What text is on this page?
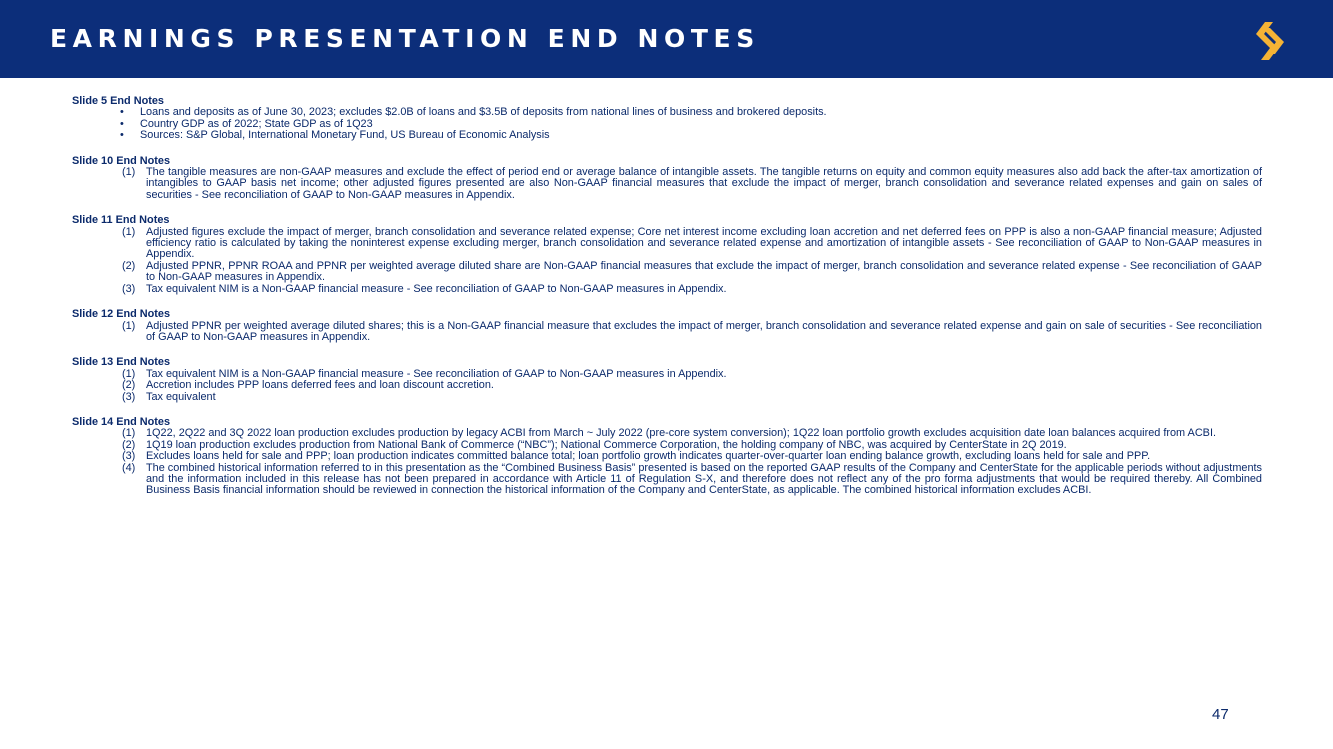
EARNINGS PRESENTATION END NOTES
Slide 5 End Notes
• Loans and deposits as of June 30, 2023; excludes $2.0B of loans and $3.5B of deposits from national lines of business and brokered deposits.
• Country GDP as of 2022; State GDP as of 1Q23
• Sources: S&P Global, International Monetary Fund, US Bureau of Economic Analysis
Slide 10 End Notes
(1) The tangible measures are non-GAAP measures and exclude the effect of period end or average balance of intangible assets. The tangible returns on equity and common equity measures also add back the after-tax amortization of intangibles to GAAP basis net income; other adjusted figures presented are also Non-GAAP financial measures that exclude the impact of merger, branch consolidation and severance related expenses and gain on sales of securities - See reconciliation of GAAP to Non-GAAP measures in Appendix.
Slide 11 End Notes
(1) Adjusted figures exclude the impact of merger, branch consolidation and severance related expense; Core net interest income excluding loan accretion and net deferred fees on PPP is also a non-GAAP financial measure; Adjusted efficiency ratio is calculated by taking the noninterest expense excluding merger, branch consolidation and severance related expense and amortization of intangible assets - See reconciliation of GAAP to Non-GAAP measures in Appendix.
(2) Adjusted PPNR, PPNR ROAA and PPNR per weighted average diluted share are Non-GAAP financial measures that exclude the impact of merger, branch consolidation and severance related expense - See reconciliation of GAAP to Non-GAAP measures in Appendix.
(3) Tax equivalent NIM is a Non-GAAP financial measure - See reconciliation of GAAP to Non-GAAP measures in Appendix.
Slide 12 End Notes
(1) Adjusted PPNR per weighted average diluted shares; this is a Non-GAAP financial measure that excludes the impact of merger, branch consolidation and severance related expense and gain on sale of securities - See reconciliation of GAAP to Non-GAAP measures in Appendix.
Slide 13 End Notes
(1) Tax equivalent NIM is a Non-GAAP financial measure - See reconciliation of GAAP to Non-GAAP measures in Appendix.
(2) Accretion includes PPP loans deferred fees and loan discount accretion.
(3) Tax equivalent
Slide 14 End Notes
(1) 1Q22, 2Q22 and 3Q 2022 loan production excludes production by legacy ACBI from March ~ July 2022 (pre-core system conversion); 1Q22 loan portfolio growth excludes acquisition date loan balances acquired from ACBI.
(2) 1Q19 loan production excludes production from National Bank of Commerce (“NBC”); National Commerce Corporation, the holding company of NBC, was acquired by CenterState in 2Q 2019.
(3) Excludes loans held for sale and PPP; loan production indicates committed balance total; loan portfolio growth indicates quarter-over-quarter loan ending balance growth, excluding loans held for sale and PPP.
(4) The combined historical information referred to in this presentation as the “Combined Business Basis” presented is based on the reported GAAP results of the Company and CenterState for the applicable periods without adjustments and the information included in this release has not been prepared in accordance with Article 11 of Regulation S-X, and therefore does not reflect any of the pro forma adjustments that would be required thereby. All Combined Business Basis financial information should be reviewed in connection the historical information of the Company and CenterState, as applicable. The combined historical information excludes ACBI.
47
